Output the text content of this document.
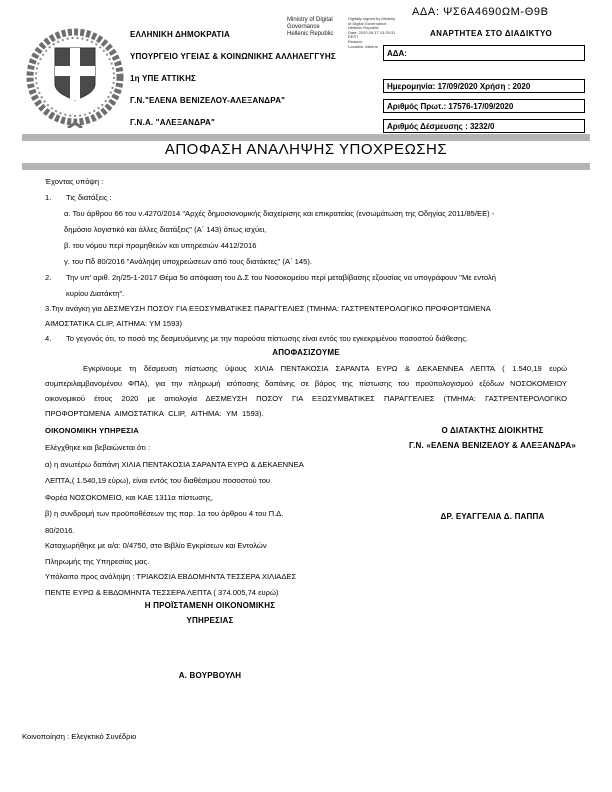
ΕΛΛΗΝΙΚΗ ΔΗΜΟΚΡΑΤΙΑ
ΥΠΟΥΡΓΕΙΟ ΥΓΕΙΑΣ & ΚΟΙΝΩΝΙΚΗΣ ΑΛΛΗΛΕΓΓΥΗΣ
1η ΥΠΕ ΑΤΤΙΚΗΣ
Γ.Ν."ΕΛΕΝΑ ΒΕΝΙΖΕΛΟΥ-ΑΛΕΞΑΝΔΡΑ"
Γ.Ν.Α. "ΑΛΕΞΑΝΔΡΑ"
Ministry of Digital
Governance
Hellenic Republic
Digitally signed by Ministry
of Digital Governance,
Hellenic Republic
Date: 2020.09.17 13:29:31
EEST
Reason:
Location: Athens
ΑΔΑ: ΨΣ6Α4690ΩΜ-Θ9Β
ΑΝΑΡΤΗΤΕΑ ΣΤΟ ΔΙΑΔΙΚΤΥΟ
ΑΔΑ:
Ημερομηνία: 17/09/2020 Χρήση : 2020
Αριθμός Πρωτ.: 17576-17/09/2020
Αριθμός Δέσμευσης : 3232/0
ΑΠΟΦΑΣΗ ΑΝΑΛΗΨΗΣ ΥΠΟΧΡΕΩΣΗΣ
Έχοντας υπόψη :
1. Τις διατάξεις :
α. Του άρθρου 66 του ν.4270/2014 "Αρχές δημοσιονομικής διαχείρισης και επικρατείας (ενσωμάτωση της Οδηγίας 2011/85/ΕΕ) -
δημόσιο λογιστικό και άλλες διατάξεις" (Α΄ 143) όπως ισχύει,
β. του νόμου περί προμηθειών και υπηρεσιών 4412/2016
γ. του Πδ 80/2016 "Ανάληψη υποχρεώσεων από τους διατάκτες" (Α΄ 145).
2. Την υπ' αριθ. 2η/25-1-2017 Θέμα 5ο απόφαση του Δ.Σ του Νοσοκομείου περί μεταβίβασης εξουσίας να υπογράφουν "Με εντολή
κυρίου Διατάκτη".
3.Την ανάγκη για ΔΕΣΜΕΥΣΗ ΠΟΣΟΥ ΓΙΑ ΕΞΩΣΥΜΒΑΤΙΚΕΣ ΠΑΡΑΓΓΕΛΙΕΣ (ΤΜΗΜΑ: ΓΑΣΤΡΕΝΤΕΡΟΛΟΓΙΚΟ ΠΡΟΦΟΡΤΩΜΕΝΑ
ΑΙΜΟΣΤΑΤΙΚΑ CLIP, ΑΙΤΗΜΑ: ΥΜ 1593)
4. Το γεγονός ότι, το ποσό της δεσμευόμενης με την παρούσα πίστωσης είναι εντός του εγκεκριμένου ποσοστού διάθεσης.
ΑΠΟΦΑΣΙΖΟΥΜΕ
Εγκρίνουμε τη δέσμευση πίστωσης ύψους ΧΙΛΙΑ ΠΕΝΤΑΚΟΣΙΑ ΣΑΡΑΝΤΑ ΕΥΡΩ & ΔΕΚΑΕΝΝΕΑ ΛΕΠΤΑ ( 1.540,19 ευρώ συμπεριλαμβανομένου ΦΠΑ), για την πληρωμή ισόποσης δαπάνης σε βάρος της πίστωσης του προϋπολογισμού εξόδων ΝΟΣΟΚΟΜΕΙΟΥ οικονομικού έτους 2020 με αιτιολογία ΔΕΣΜΕΥΣΗ ΠΟΣΟΥ ΓΙΑ ΕΞΩΣΥΜΒΑΤΙΚΕΣ ΠΑΡΑΓΓΕΛΙΕΣ (ΤΜΗΜΑ: ΓΑΣΤΡΕΝΤΕΡΟΛΟΓΙΚΟ ΠΡΟΦΟΡΤΩΜΕΝΑ ΑΙΜΟΣΤΑΤΙΚΑ CLIP, ΑΙΤΗΜΑ: ΥΜ 1593).
ΟΙΚΟΝΟΜΙΚΗ ΥΠΗΡΕΣΙΑ	Ο ΔΙΑΤΑΚΤΗΣ ΔΙΟΙΚΗΤΗΣ
Γ.Ν. «ΕΛΕΝΑ ΒΕΝΙΖΕΛΟΥ & ΑΛΕΞΑΝΔΡΑ»
ΔΡ. ΕΥΑΓΓΕΛΙΑ Δ. ΠΑΠΠΑ
Ελέγχθηκε και βεβαιώνεται ότι :
α) η ανωτέρω δαπάνη ΧΙΛΙΑ ΠΕΝΤΑΚΟΣΙΑ ΣΑΡΑΝΤΑ ΕΥΡΩ & ΔΕΚΑΕΝΝΕΑ
ΛΕΠΤΑ,( 1.540,19 εύρω), είναι εντός του διαθέσιμου ποσοστού του
Φορέα ΝΟΣΟΚΟΜΕΙΟ, και ΚΑΕ 1311α πίστωσης,
β) η συνδρομή των προϋποθέσεων της παρ. 1α του άρθρου 4 του Π.Δ.
80/2016.
Καταχωρήθηκε με α/α: 0/4750, στο Βιβλίο Εγκρίσεων και Εντολών
Πληρωμής της Υπηρεσίας μας.
Υπόλοιπο προς ανάληψη : ΤΡΙΑΚΟΣΙΑ ΕΒΔΟΜΗΝΤΑ ΤΕΣΣΕΡΑ ΧΙΛΙΑΔΕΣ
ΠΕΝΤΕ ΕΥΡΩ & ΕΒΔΟΜΗΝΤΑ ΤΕΣΣΕΡΑ ΛΕΠΤΑ ( 374.005,74 ευρώ)
Η ΠΡΟΪΣΤΑΜΕΝΗ ΟΙΚΟΝΟΜΙΚΗΣ
ΥΠΗΡΕΣΙΑΣ
Α. ΒΟΥΡΒΟΥΛΗ
Κοινοποίηση : Ελεγκτικό Συνέδριο
